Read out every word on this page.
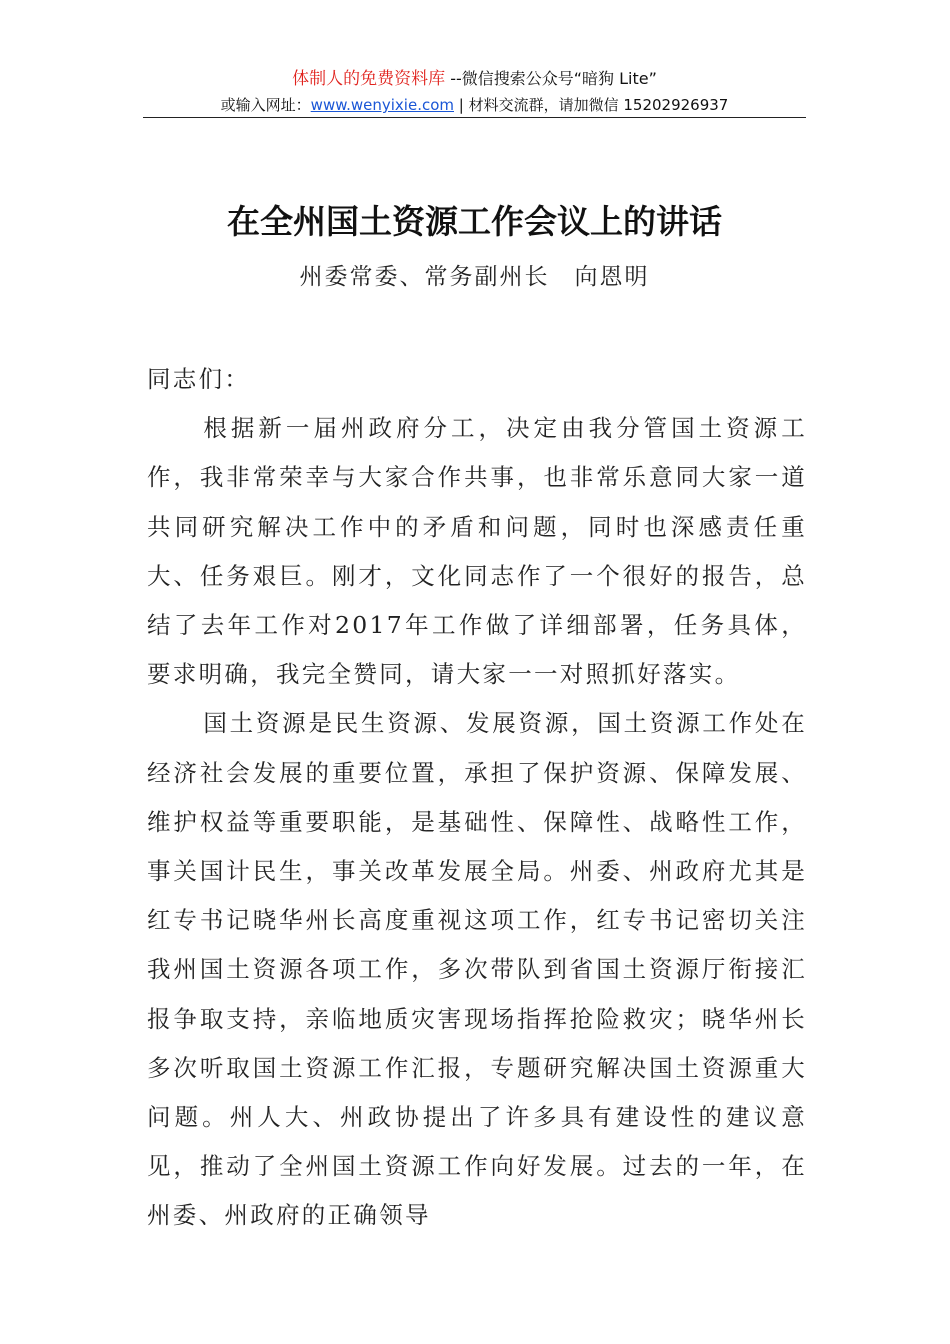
体制人的免费资料库 --微信搜索公众号“暗狗 Lite”
或输入网址：www.wenyixie.com | 材料交流群，请加微信 15202926937
在全州国土资源工作会议上的讲话
州委常委、常务副州长　向恩明

同志们：

根据新一届州政府分工，决定由我分管国土资源工作，我非常荣幸与大家合作共事，也非常乐意同大家一道共同研究解决工作中的矛盾和问题，同时也深感责任重大、任务艰巨。刚才，文化同志作了一个很好的报告，总结了去年工作对2017年工作做了详细部署，任务具体，要求明确，我完全赞同，请大家一一对照抓好落实。

国土资源是民生资源、发展资源，国土资源工作处在经济社会发展的重要位置，承担了保护资源、保障发展、维护权益等重要职能，是基础性、保障性、战略性工作，事关国计民生，事关改革发展全局。州委、州政府尤其是红专书记晓华州长高度重视这项工作，红专书记密切关注我州国土资源各项工作，多次带队到省国土资源厅衔接汇报争取支持，亲临地质灾害现场指挥抢险救灾；晓华州长多次听取国土资源工作汇报，专题研究解决国土资源重大问题。州人大、州政协提出了许多具有建设性的建议意见，推动了全州国土资源工作向好发展。过去的一年，在州委、州政府的正确领导
